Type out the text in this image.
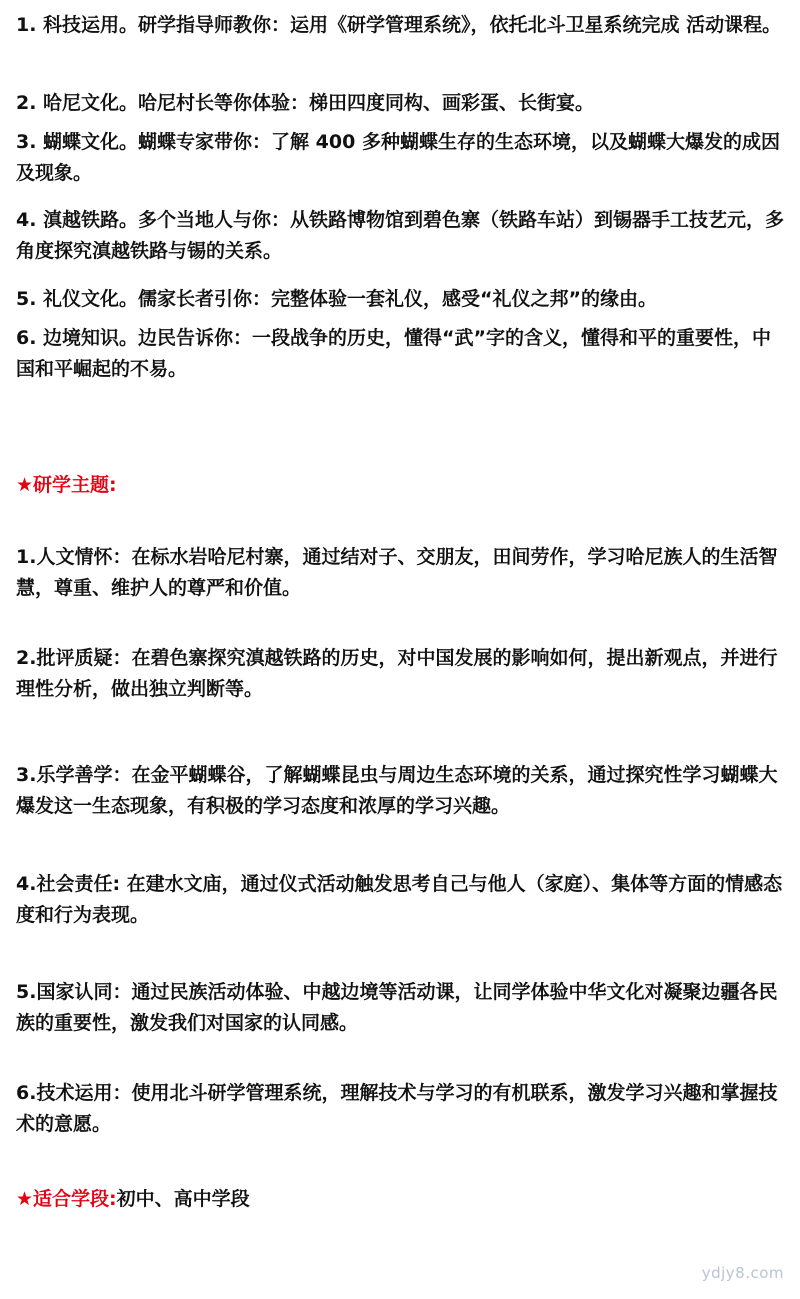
1. 科技运用。研学指导师教你：运用《研学管理系统》，依托北斗卫星系统完成 活动课程。

2. 哈尼文化。哈尼村长等你体验：梯田四度同构、画彩蛋、长街宴。

3. 蝴蝶文化。蝴蝶专家带你：了解 400 多种蝴蝶生存的生态环境，以及蝴蝶大爆发的成因及现象。

4. 滇越铁路。多个当地人与你：从铁路博物馆到碧色寨（铁路车站）到锡器手工技艺元，多角度探究滇越铁路与锡的关系。

5. 礼仪文化。儒家长者引你：完整体验一套礼仪，感受“礼仪之邦”的缘由。

6. 边境知识。边民告诉你：一段战争的历史，懂得“武”字的含义，懂得和平的重要性，中国和平崛起的不易。

★研学主题:

1.人文情怀：在标水岩哈尼村寨，通过结对子、交朋友，田间劳作，学习哈尼族人的生活智慧，尊重、维护人的尊严和价值。

2.批评质疑：在碧色寨探究滇越铁路的历史，对中国发展的影响如何，提出新观点，并进行理性分析，做出独立判断等。

3.乐学善学：在金平蝴蝶谷，了解蝴蝶昆虫与周边生态环境的关系，通过探究性学习蝴蝶大爆发这一生态现象，有积极的学习态度和浓厚的学习兴趣。

4.社会责任: 在建水文庙，通过仪式活动触发思考自己与他人（家庭）、集体等方面的情感态度和行为表现。

5.国家认同：通过民族活动体验、中越边境等活动课，让同学体验中华文化对凝聚边疆各民族的重要性，激发我们对国家的认同感。

6.技术运用：使用北斗研学管理系统，理解技术与学习的有机联系，激发学习兴趣和掌握技术的意愿。

★适合学段:初中、高中学段

ydjy8.com
